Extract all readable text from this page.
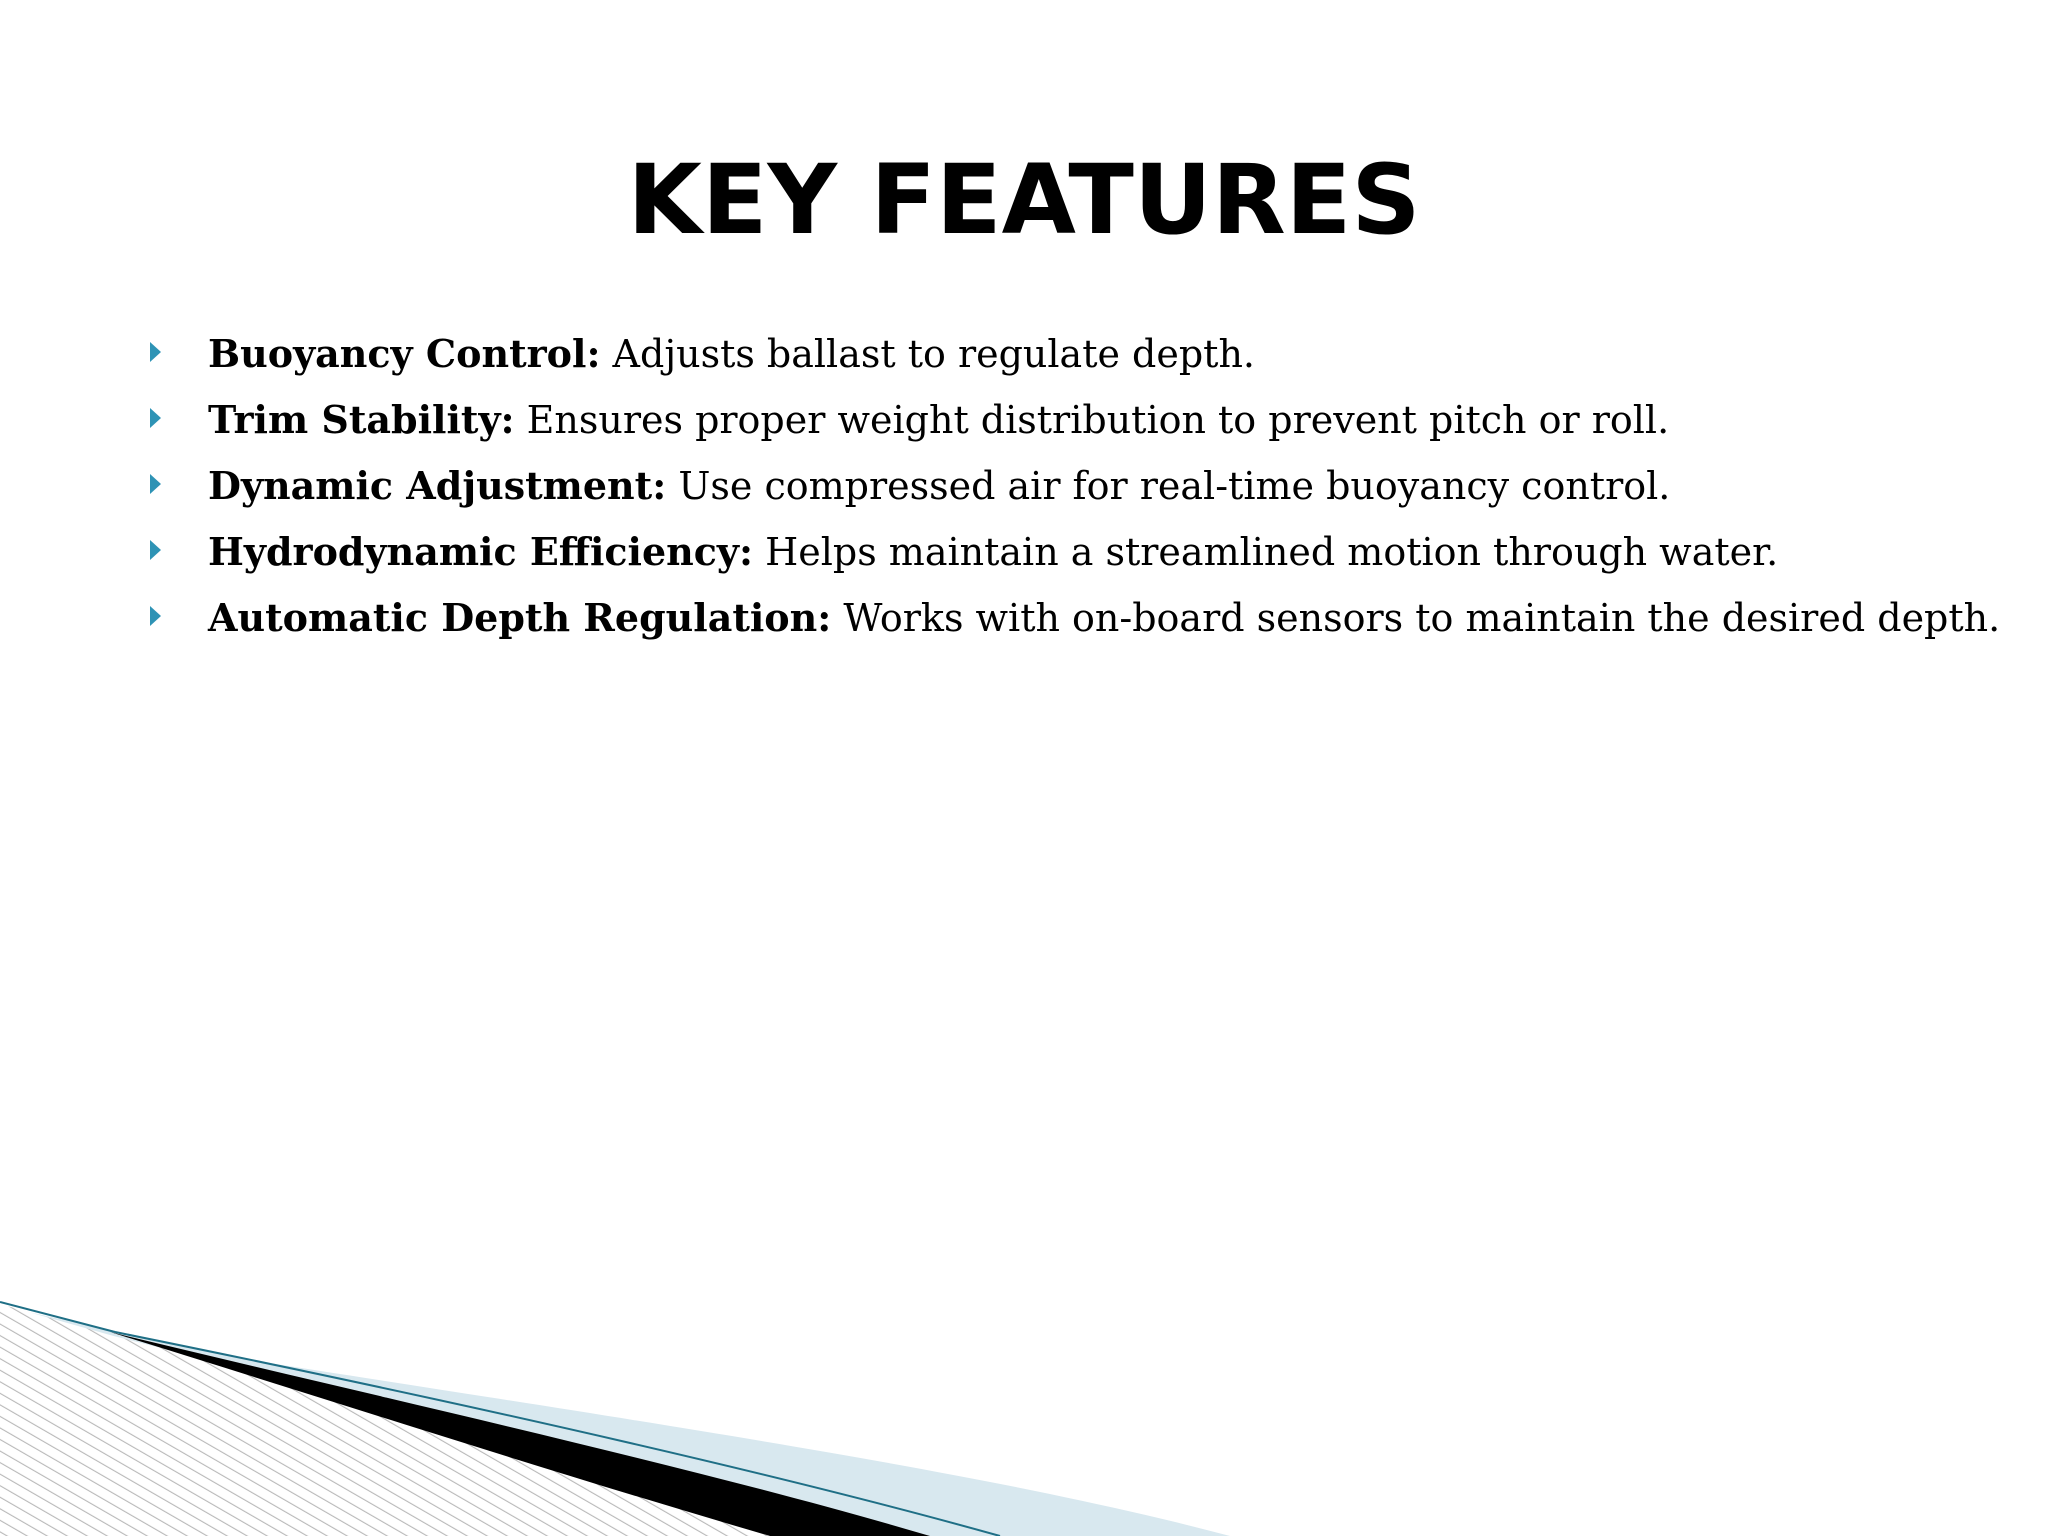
KEY FEATURES
Buoyancy Control: Adjusts ballast to regulate depth.
Trim Stability: Ensures proper weight distribution to prevent pitch or roll.
Dynamic Adjustment: Use compressed air for real-time buoyancy control.
Hydrodynamic Efficiency: Helps maintain a streamlined motion through water.
Automatic Depth Regulation: Works with on-board sensors to maintain the desired depth.
